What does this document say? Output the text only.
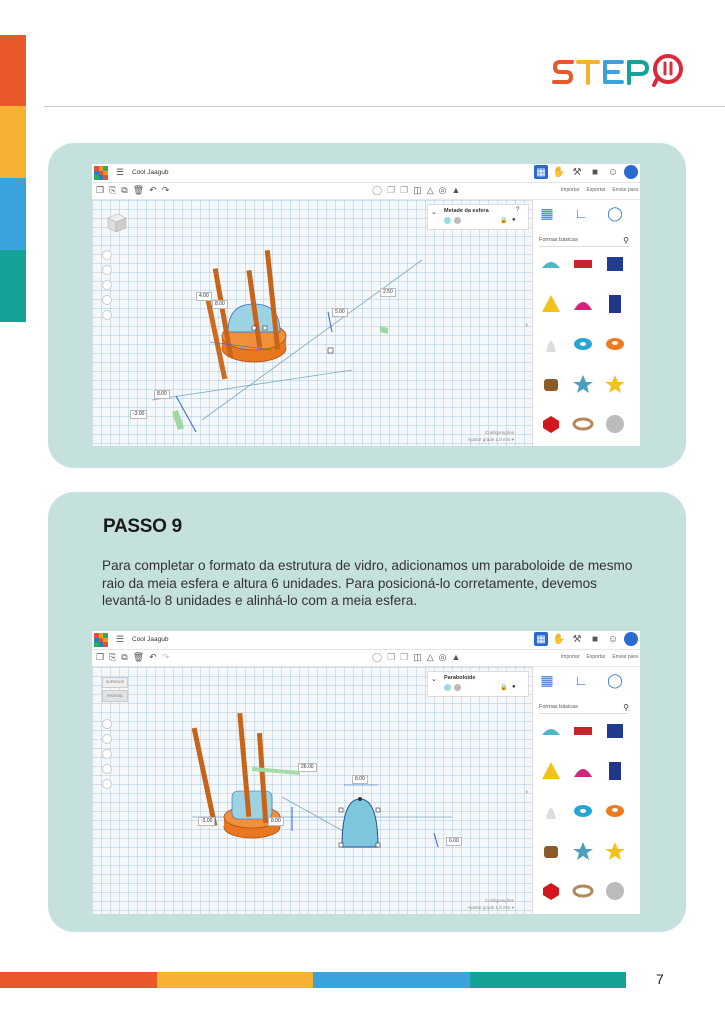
☰ Cool Jaagub	▦ ✋ ⚒	■ ☺
❐ ⎘ ⧉ 🗑 ↶ ↷	◯ ❐ ❐ ◫ △ ◎ ▲	Importar Exportar Enviar para
4.00
8.00
2.50
5.00
8.00
-3.00
⌄ Metade da esfera
🔒 ●
?
›
Configurações
Ajustar grade 1.0 mm ▾
▦ ∟ ◯
Formas básicas	⚲
PASSO 9
Para completar o formato da estrutura de vidro, adicionamos um paraboloide de mesmo raio da meia esfera e altura 6 unidades. Para posicioná-lo corretamente, devemos levantá-lo 8 unidades e alinhá-lo com a meia esfera.
☰ Cool Jaagub	▦ ✋ ⚒	■ ☺
❐ ⎘ ⧉ 🗑 ↶ ↷	◯ ❐ ❐ ◫ △ ◎ ▲	Importar Exportar Enviar para
SUPERIOR
FRONTAL
26.00
8.00
-3.00	8.00
6.00
⌄ Paraboloide
🔒 ●
›
Configurações
Ajustar grade 1.0 mm ▾
▦ ∟ ◯
Formas básicas	⚲
7
